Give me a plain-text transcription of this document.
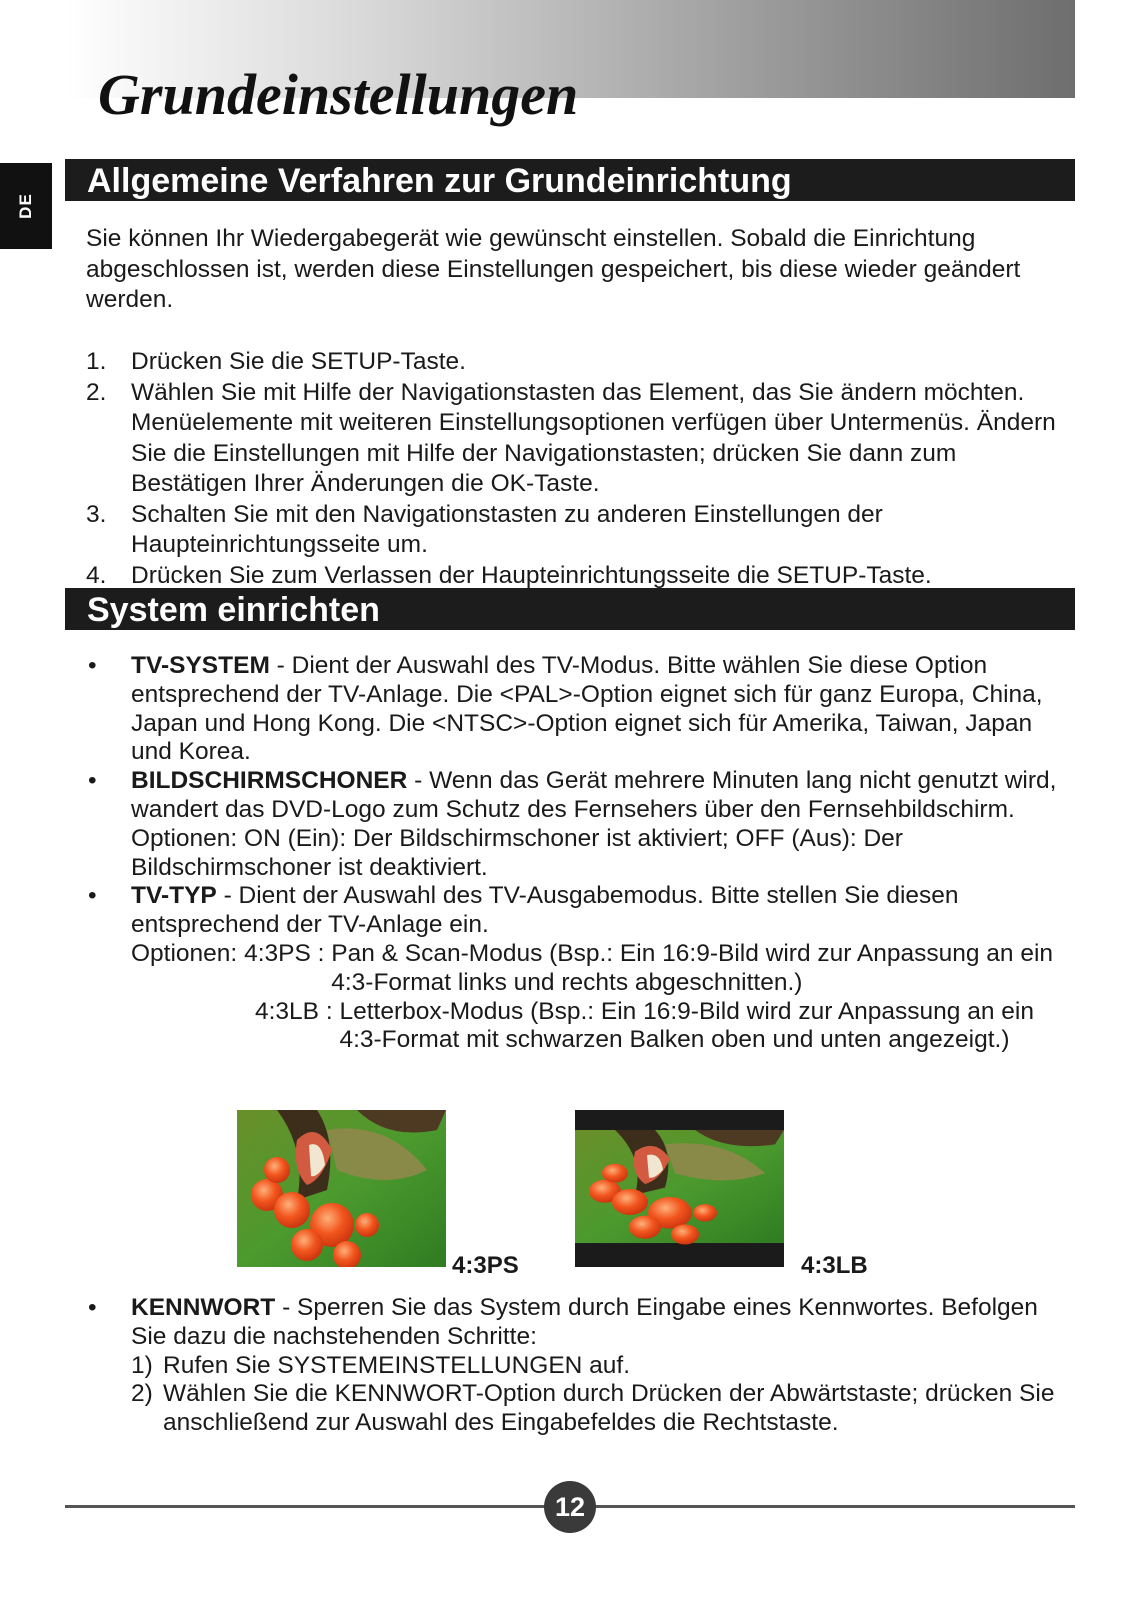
Grundeinstellungen
DE
Allgemeine Verfahren zur Grundeinrichtung

Sie können Ihr Wiedergabegerät wie gewünscht einstellen. Sobald die Einrichtung abgeschlossen ist, werden diese Einstellungen gespeichert, bis diese wieder geändert werden.

1. Drücken Sie die SETUP-Taste.
2. Wählen Sie mit Hilfe der Navigationstasten das Element, das Sie ändern möchten. Menüelemente mit weiteren Einstellungsoptionen verfügen über Untermenüs. Ändern Sie die Einstellungen mit Hilfe der Navigationstasten; drücken Sie dann zum Bestätigen Ihrer Änderungen die OK-Taste.
3. Schalten Sie mit den Navigationstasten zu anderen Einstellungen der Haupteinrichtungsseite um.
4. Drücken Sie zum Verlassen der Haupteinrichtungsseite die SETUP-Taste.
System einrichten
• TV-SYSTEM - Dient der Auswahl des TV-Modus. Bitte wählen Sie diese Option entsprechend der TV-Anlage. Die <PAL>-Option eignet sich für ganz Europa, China, Japan und Hong Kong. Die <NTSC>-Option eignet sich für Amerika, Taiwan, Japan und Korea.
• BILDSCHIRMSCHONER - Wenn das Gerät mehrere Minuten lang nicht genutzt wird, wandert das DVD-Logo zum Schutz des Fernsehers über den Fernsehbildschirm.
Optionen: ON (Ein): Der Bildschirmschoner ist aktiviert; OFF (Aus): Der Bildschirmschoner ist deaktiviert.
• TV-TYP - Dient der Auswahl des TV-Ausgabemodus. Bitte stellen Sie diesen entsprechend der TV-Anlage ein.
Optionen: 4:3PS : Pan & Scan-Modus (Bsp.: Ein 16:9-Bild wird zur Anpassung an ein 4:3-Format links und rechts abgeschnitten.)
4:3LB : Letterbox-Modus (Bsp.: Ein 16:9-Bild wird zur Anpassung an ein 4:3-Format mit schwarzen Balken oben und unten angezeigt.)
4:3PS	4:3LB
• KENNWORT - Sperren Sie das System durch Eingabe eines Kennwortes. Befolgen Sie dazu die nachstehenden Schritte:
1) Rufen Sie SYSTEMEINSTELLUNGEN auf.
2) Wählen Sie die KENNWORT-Option durch Drücken der Abwärtstaste; drücken Sie anschließend zur Auswahl des Eingabefeldes die Rechtstaste.
12
